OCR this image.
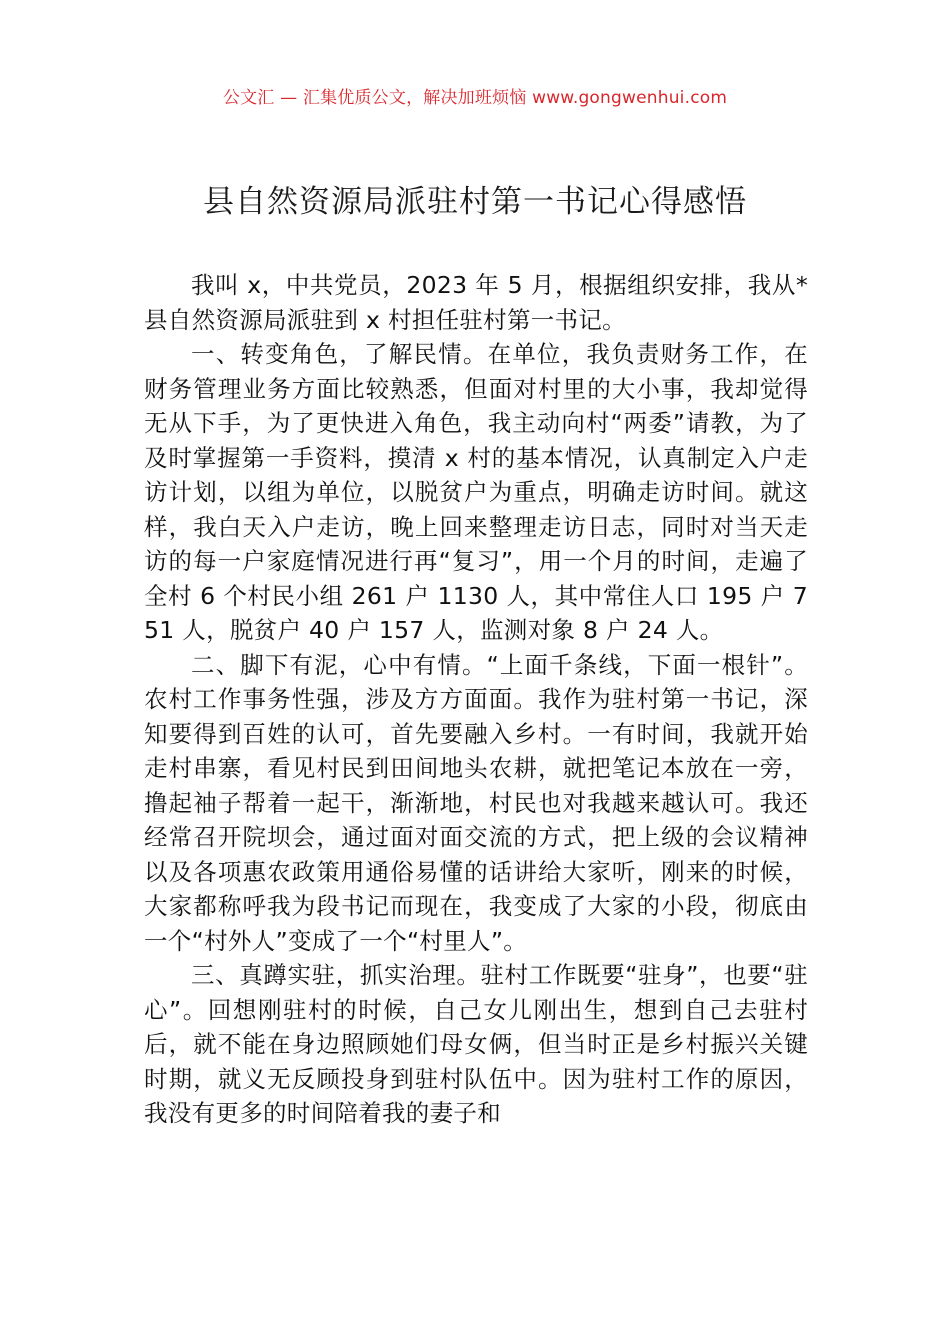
公文汇 — 汇集优质公文，解决加班烦恼 www.gongwenhui.com
县自然资源局派驻村第一书记心得感悟

我叫 x，中共党员，2023 年 5 月，根据组织安排，我从*县自然资源局派驻到 x 村担任驻村第一书记。

一、转变角色，了解民情。在单位，我负责财务工作，在财务管理业务方面比较熟悉，但面对村里的大小事，我却觉得无从下手，为了更快进入角色，我主动向村“两委”请教，为了及时掌握第一手资料，摸清 x 村的基本情况，认真制定入户走访计划，以组为单位，以脱贫户为重点，明确走访时间。就这样，我白天入户走访，晚上回来整理走访日志，同时对当天走访的每一户家庭情况进行再“复习”，用一个月的时间，走遍了全村 6 个村民小组 261 户 1130 人，其中常住人口 195 户 751 人，脱贫户 40 户 157 人，监测对象 8 户 24 人。

二、脚下有泥，心中有情。“上面千条线，下面一根针”。农村工作事务性强，涉及方方面面。我作为驻村第一书记，深知要得到百姓的认可，首先要融入乡村。一有时间，我就开始走村串寨，看见村民到田间地头农耕，就把笔记本放在一旁，撸起袖子帮着一起干，渐渐地，村民也对我越来越认可。我还经常召开院坝会，通过面对面交流的方式，把上级的会议精神以及各项惠农政策用通俗易懂的话讲给大家听，刚来的时候，大家都称呼我为段书记而现在，我变成了大家的小段，彻底由一个“村外人”变成了一个“村里人”。

三、真蹲实驻，抓实治理。驻村工作既要“驻身”，也要“驻心”。回想刚驻村的时候，自己女儿刚出生，想到自己去驻村后，就不能在身边照顾她们母女俩，但当时正是乡村振兴关键时期，就义无反顾投身到驻村队伍中。因为驻村工作的原因，我没有更多的时间陪着我的妻子和
